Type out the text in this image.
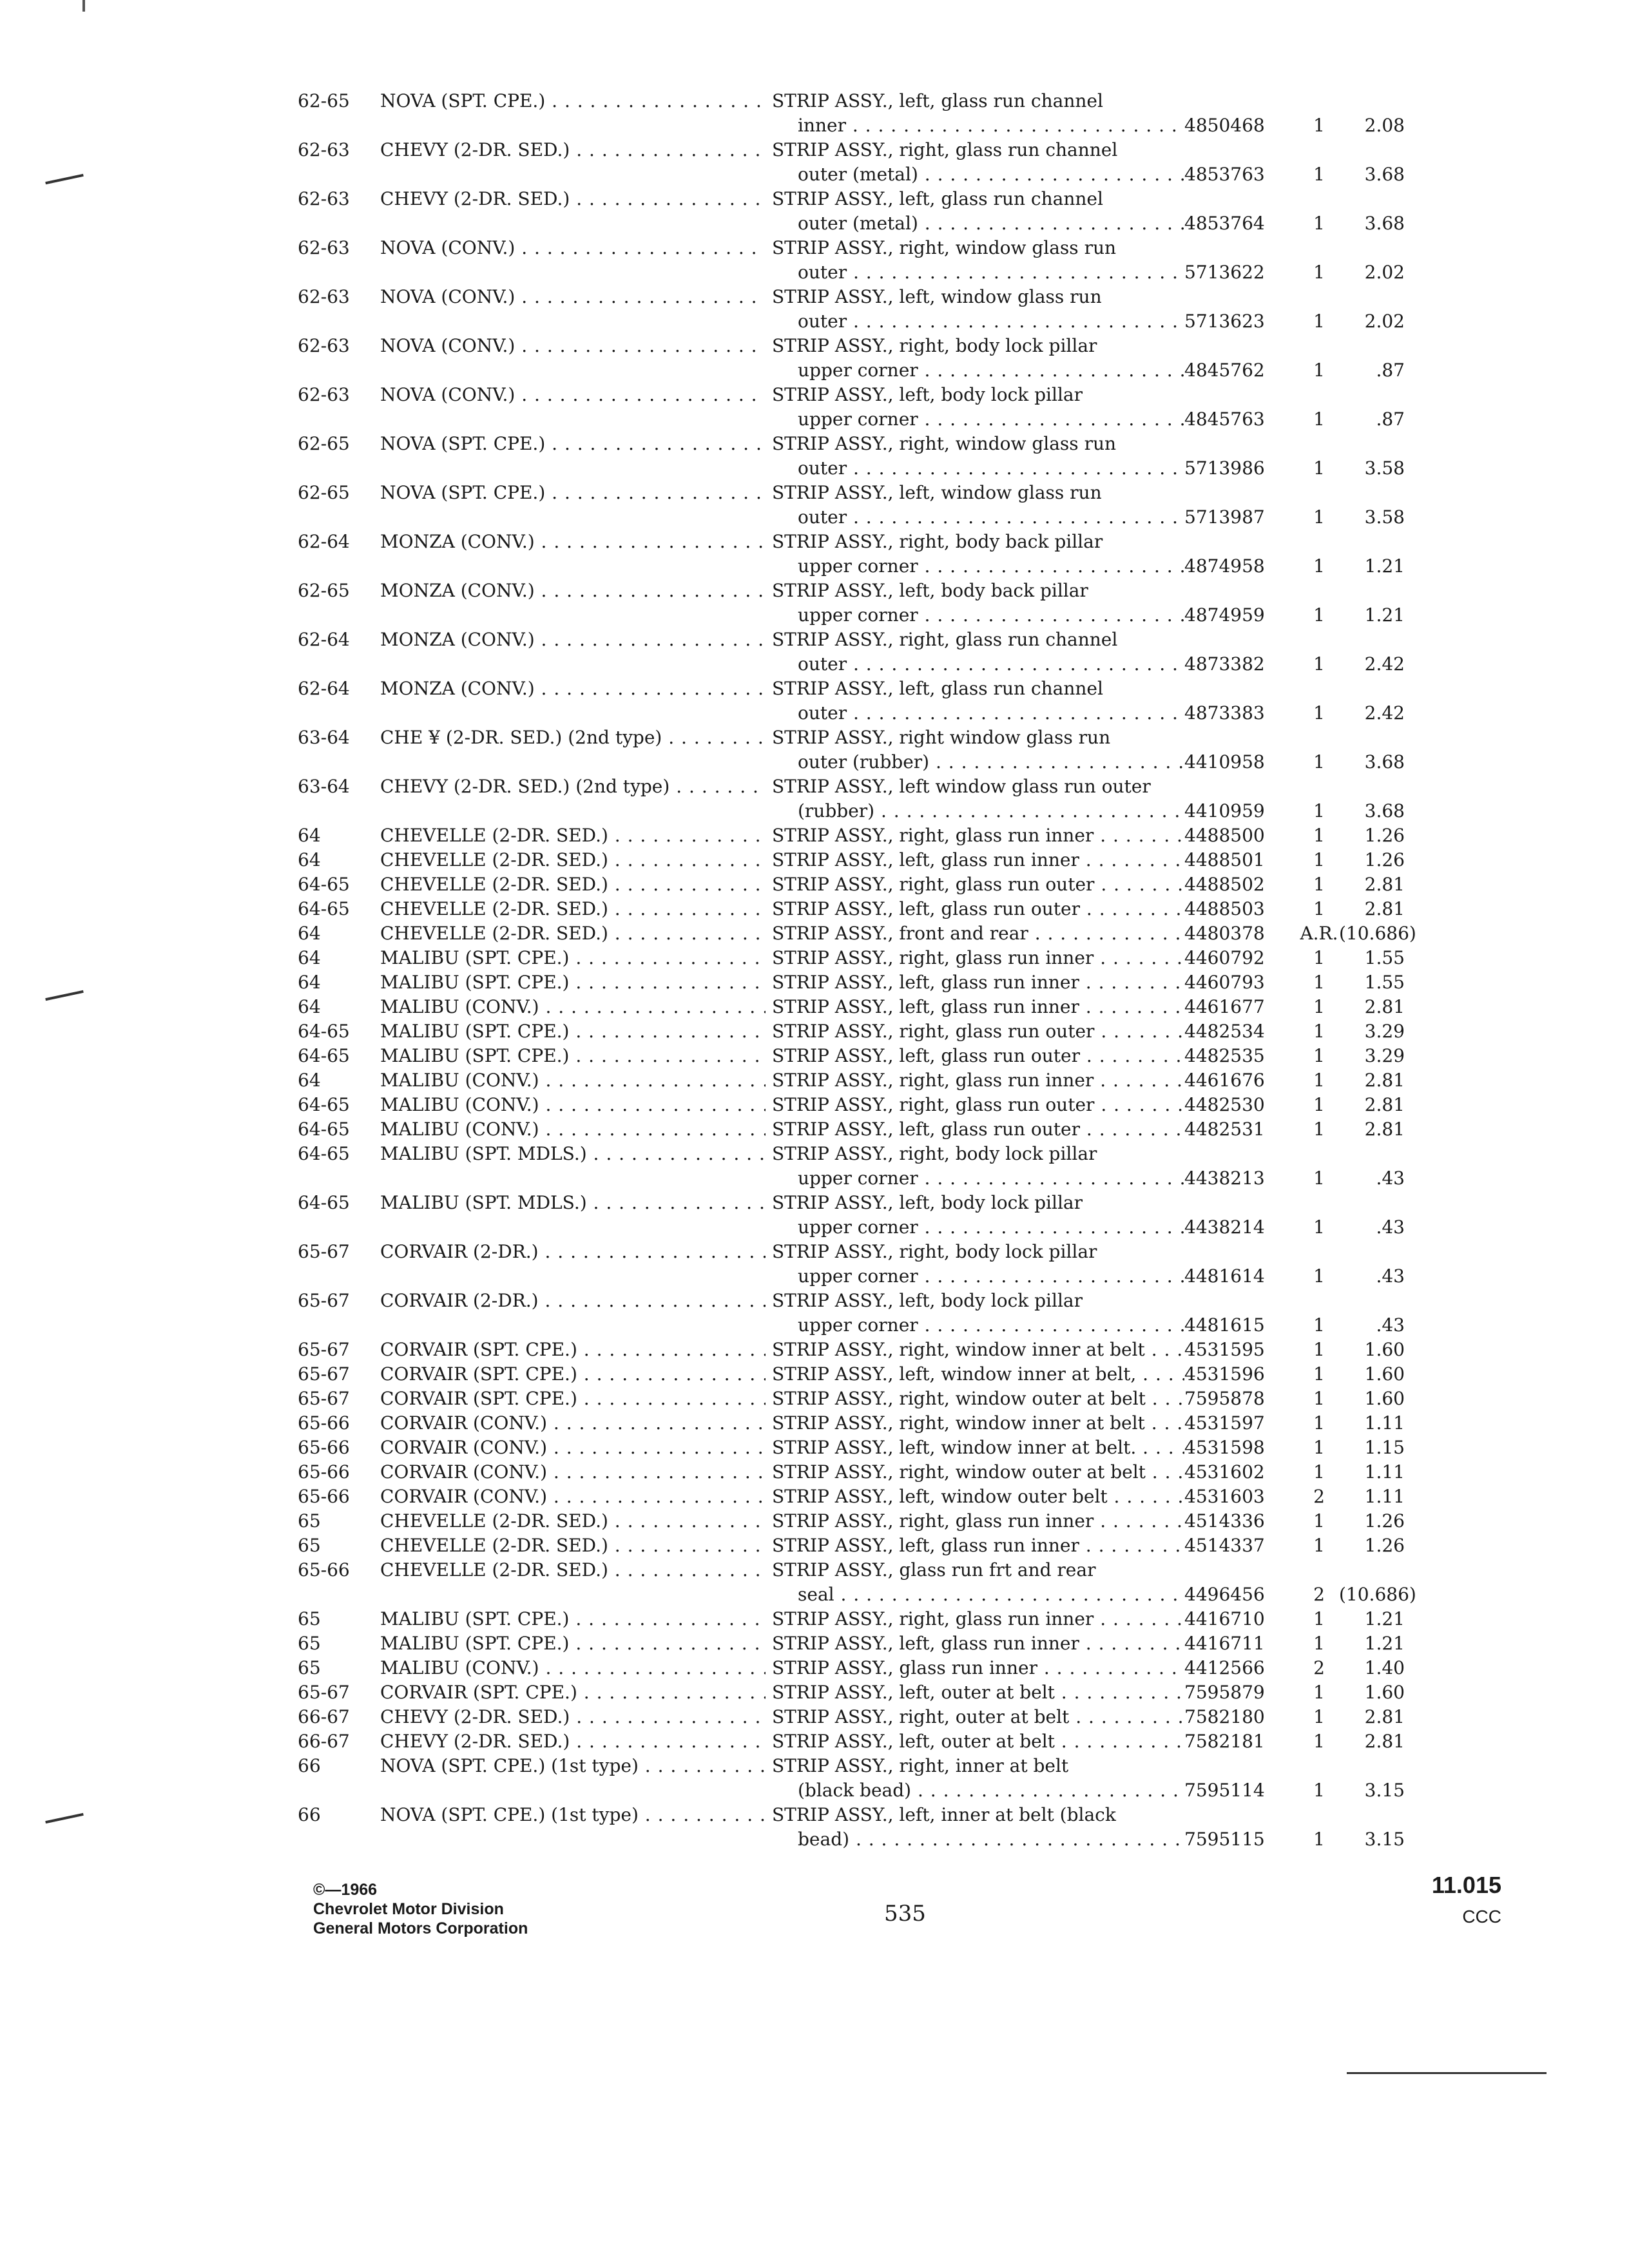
62-65	NOVA (SPT. CPE.) . . .	STRIP ASSY., left, glass run channel
inner . . .	4850468	1	2.08
62-63	CHEVY (2-DR. SED.) . . .	STRIP ASSY., right, glass run channel
outer (metal) . . .	4853763	1	3.68
62-63	CHEVY (2-DR. SED.) . . .	STRIP ASSY., left, glass run channel
outer (metal) . . .	4853764	1	3.68
62-63	NOVA (CONV.) . . .	STRIP ASSY., right, window glass run
outer . . .	5713622	1	2.02
62-63	NOVA (CONV.) . . .	STRIP ASSY., left, window glass run
outer . . .	5713623	1	2.02
62-63	NOVA (CONV.) . . .	STRIP ASSY., right, body lock pillar
upper corner . . .	4845762	1	.87
62-63	NOVA (CONV.) . . .	STRIP ASSY., left, body lock pillar
upper corner . . .	4845763	1	.87
62-65	NOVA (SPT. CPE.) . . .	STRIP ASSY., right, window glass run
outer . . .	5713986	1	3.58
62-65	NOVA (SPT. CPE.) . . .	STRIP ASSY., left, window glass run
outer . . .	5713987	1	3.58
62-64	MONZA (CONV.) . . .	STRIP ASSY., right, body back pillar
upper corner . . .	4874958	1	1.21
62-65	MONZA (CONV.) . . .	STRIP ASSY., left, body back pillar
upper corner . . .	4874959	1	1.21
62-64	MONZA (CONV.) . . .	STRIP ASSY., right, glass run channel
outer . . .	4873382	1	2.42
62-64	MONZA (CONV.) . . .	STRIP ASSY., left, glass run channel
outer . . .	4873383	1	2.42
63-64	CHE ¥ (2-DR. SED.) (2nd type) . . .	STRIP ASSY., right window glass run
outer (rubber) . . .	4410958	1	3.68
63-64	CHEVY (2-DR. SED.) (2nd type) . . .	STRIP ASSY., left window glass run outer
(rubber) . . .	4410959	1	3.68
64	CHEVELLE (2-DR. SED.) . . .	STRIP ASSY., right, glass run inner . . .	4488500	1	1.26
64	CHEVELLE (2-DR. SED.) . . .	STRIP ASSY., left, glass run inner . . .	4488501	1	1.26
64-65	CHEVELLE (2-DR. SED.) . . .	STRIP ASSY., right, glass run outer . . .	4488502	1	2.81
64-65	CHEVELLE (2-DR. SED.) . . .	STRIP ASSY., left, glass run outer . . .	4488503	1	2.81
64	CHEVELLE (2-DR. SED.) . . .	STRIP ASSY., front and rear . . .	4480378	A.R. (10.686)
64	MALIBU (SPT. CPE.) . . .	STRIP ASSY., right, glass run inner . . .	4460792	1	1.55
64	MALIBU (SPT. CPE.) . . .	STRIP ASSY., left, glass run inner . . .	4460793	1	1.55
64	MALIBU (CONV.) . . .	STRIP ASSY., left, glass run inner . . .	4461677	1	2.81
64-65	MALIBU (SPT. CPE.) . . .	STRIP ASSY., right, glass run outer . . .	4482534	1	3.29
64-65	MALIBU (SPT. CPE.) . . .	STRIP ASSY., left, glass run outer . . .	4482535	1	3.29
64	MALIBU (CONV.) . . .	STRIP ASSY., right, glass run inner . . .	4461676	1	2.81
64-65	MALIBU (CONV.) . . .	STRIP ASSY., right, glass run outer . . .	4482530	1	2.81
64-65	MALIBU (CONV.) . . .	STRIP ASSY., left, glass run outer . . .	4482531	1	2.81
64-65	MALIBU (SPT. MDLS.) . . .	STRIP ASSY., right, body lock pillar
upper corner . . .	4438213	1	.43
64-65	MALIBU (SPT. MDLS.) . . .	STRIP ASSY., left, body lock pillar
upper corner . . .	4438214	1	.43
65-67	CORVAIR (2-DR.) . . .	STRIP ASSY., right, body lock pillar
upper corner . . .	4481614	1	.43
65-67	CORVAIR (2-DR.) . . .	STRIP ASSY., left, body lock pillar
upper corner . . .	4481615	1	.43
65-67	CORVAIR (SPT. CPE.) . . .	STRIP ASSY., right, window inner at belt . . .	4531595	1	1.60
65-67	CORVAIR (SPT. CPE.) . . .	STRIP ASSY., left, window inner at belt, . . .	4531596	1	1.60
65-67	CORVAIR (SPT. CPE.) . . .	STRIP ASSY., right, window outer at belt . . .	7595878	1	1.60
65-66	CORVAIR (CONV.) . . .	STRIP ASSY., right, window inner at belt . . .	4531597	1	1.11
65-66	CORVAIR (CONV.) . . .	STRIP ASSY., left, window inner at belt. . . .	4531598	1	1.15
65-66	CORVAIR (CONV.) . . .	STRIP ASSY., right, window outer at belt . . .	4531602	1	1.11
65-66	CORVAIR (CONV.) . . .	STRIP ASSY., left, window outer belt . . .	4531603	2	1.11
65	CHEVELLE (2-DR. SED.) . . .	STRIP ASSY., right, glass run inner . . .	4514336	1	1.26
65	CHEVELLE (2-DR. SED.) . . .	STRIP ASSY., left, glass run inner . . .	4514337	1	1.26
65-66	CHEVELLE (2-DR. SED.) . . .	STRIP ASSY., glass run frt and rear
seal . . .	4496456	2 (10.686)
65	MALIBU (SPT. CPE.) . . .	STRIP ASSY., right, glass run inner . . .	4416710	1	1.21
65	MALIBU (SPT. CPE.) . . .	STRIP ASSY., left, glass run inner . . .	4416711	1	1.21
65	MALIBU (CONV.) . . .	STRIP ASSY., glass run inner . . .	4412566	2	1.40
65-67	CORVAIR (SPT. CPE.) . . .	STRIP ASSY., left, outer at belt . . .	7595879	1	1.60
66-67	CHEVY (2-DR. SED.) . . .	STRIP ASSY., right, outer at belt . . .	7582180	1	2.81
66-67	CHEVY (2-DR. SED.) . . .	STRIP ASSY., left, outer at belt . . .	7582181	1	2.81
66	NOVA (SPT. CPE.) (1st type) . . .	STRIP ASSY., right, inner at belt
(black bead) . . .	7595114	1	3.15
66	NOVA (SPT. CPE.) (1st type) . . .	STRIP ASSY., left, inner at belt (black
bead) . . .	7595115	1	3.15
©—1966
Chevrolet Motor Division
General Motors Corporation
535
11.015
CCC
